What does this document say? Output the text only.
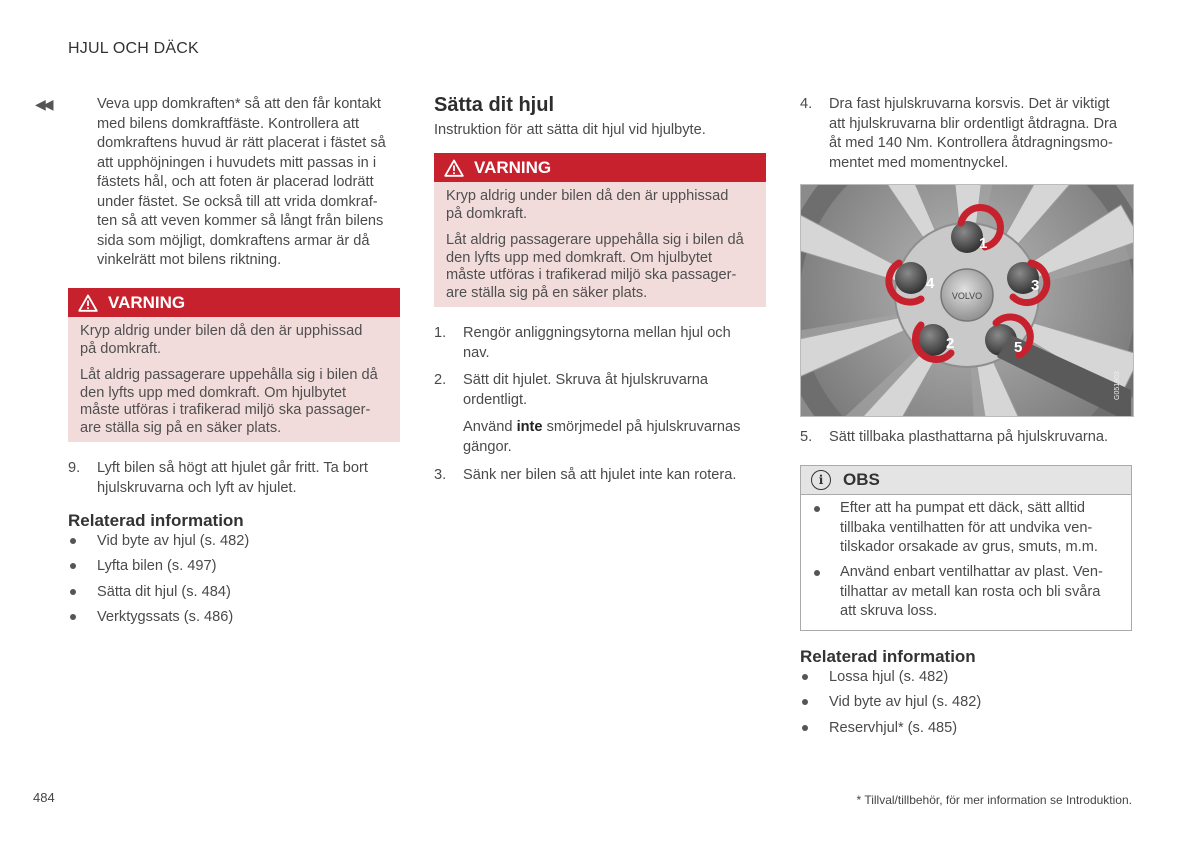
HJUL OCH DÄCK
◀◀	Veva upp domkraften* så att den får kontakt

med bilens domkraftfäste. Kontrollera att

domkraftens huvud är rätt placerat i fästet så

att upphöjningen i huvudets mitt passas in i

fästets hål, och att foten är placerad lodrätt

under fästet. Se också till att vrida domkraf-

ten så att veven kommer så långt från bilens

sida som möjligt, domkraftens armar är då

vinkelrätt mot bilens riktning.

VARNING

Kryp aldrig under bilen då den är upphissad
på domkraft.

Låt aldrig passagerare uppehålla sig i bilen då
den lyfts upp med domkraft. Om hjulbytet
måste utföras i trafikerad miljö ska passager-
are ställa sig på en säker plats.

9. Lyft bilen så högt att hjulet går fritt. Ta bort

hjulskruvarna och lyft av hjulet.

Relaterad information
Vid byte av hjul (s. 482)
Lyfta bilen (s. 497)
Sätta dit hjul (s. 484)
Verktygssats (s. 486)
Sätta dit hjul
Instruktion för att sätta dit hjul vid hjulbyte.
VARNING

Kryp aldrig under bilen då den är upphissad
på domkraft.

Låt aldrig passagerare uppehålla sig i bilen då
den lyfts upp med domkraft. Om hjulbytet
måste utföras i trafikerad miljö ska passager-
are ställa sig på en säker plats.

1. Rengör anliggningsytorna mellan hjul och

nav.

2. Sätt dit hjulet. Skruva åt hjulskruvarna

ordentligt.

Använd inte smörjmedel på hjulskruvarnas

gängor.

3. Sänk ner bilen så att hjulet inte kan rotera.

4. Dra fast hjulskruvarna korsvis. Det är viktigt

att hjulskruvarna blir ordentligt åtdragna. Dra

åt med 140 Nm. Kontrollera åtdragningsmo-

mentet med momentnyckel.

VOLVO
1
2
3
4
5
G051903
5. Sätt tillbaka plasthattarna på hjulskruvarna.

i	OBS

Efter att ha pumpat ett däck, sätt alltid

tillbaka ventilhatten för att undvika ven-

tilskador orsakade av grus, smuts, m.m.

Använd enbart ventilhattar av plast. Ven-

tilhattar av metall kan rosta och bli svåra

att skruva loss.

Relaterad information
Lossa hjul (s. 482)
Vid byte av hjul (s. 482)
Reservhjul* (s. 485)
484	* Tillval/tillbehör, för mer information se Introduktion.
